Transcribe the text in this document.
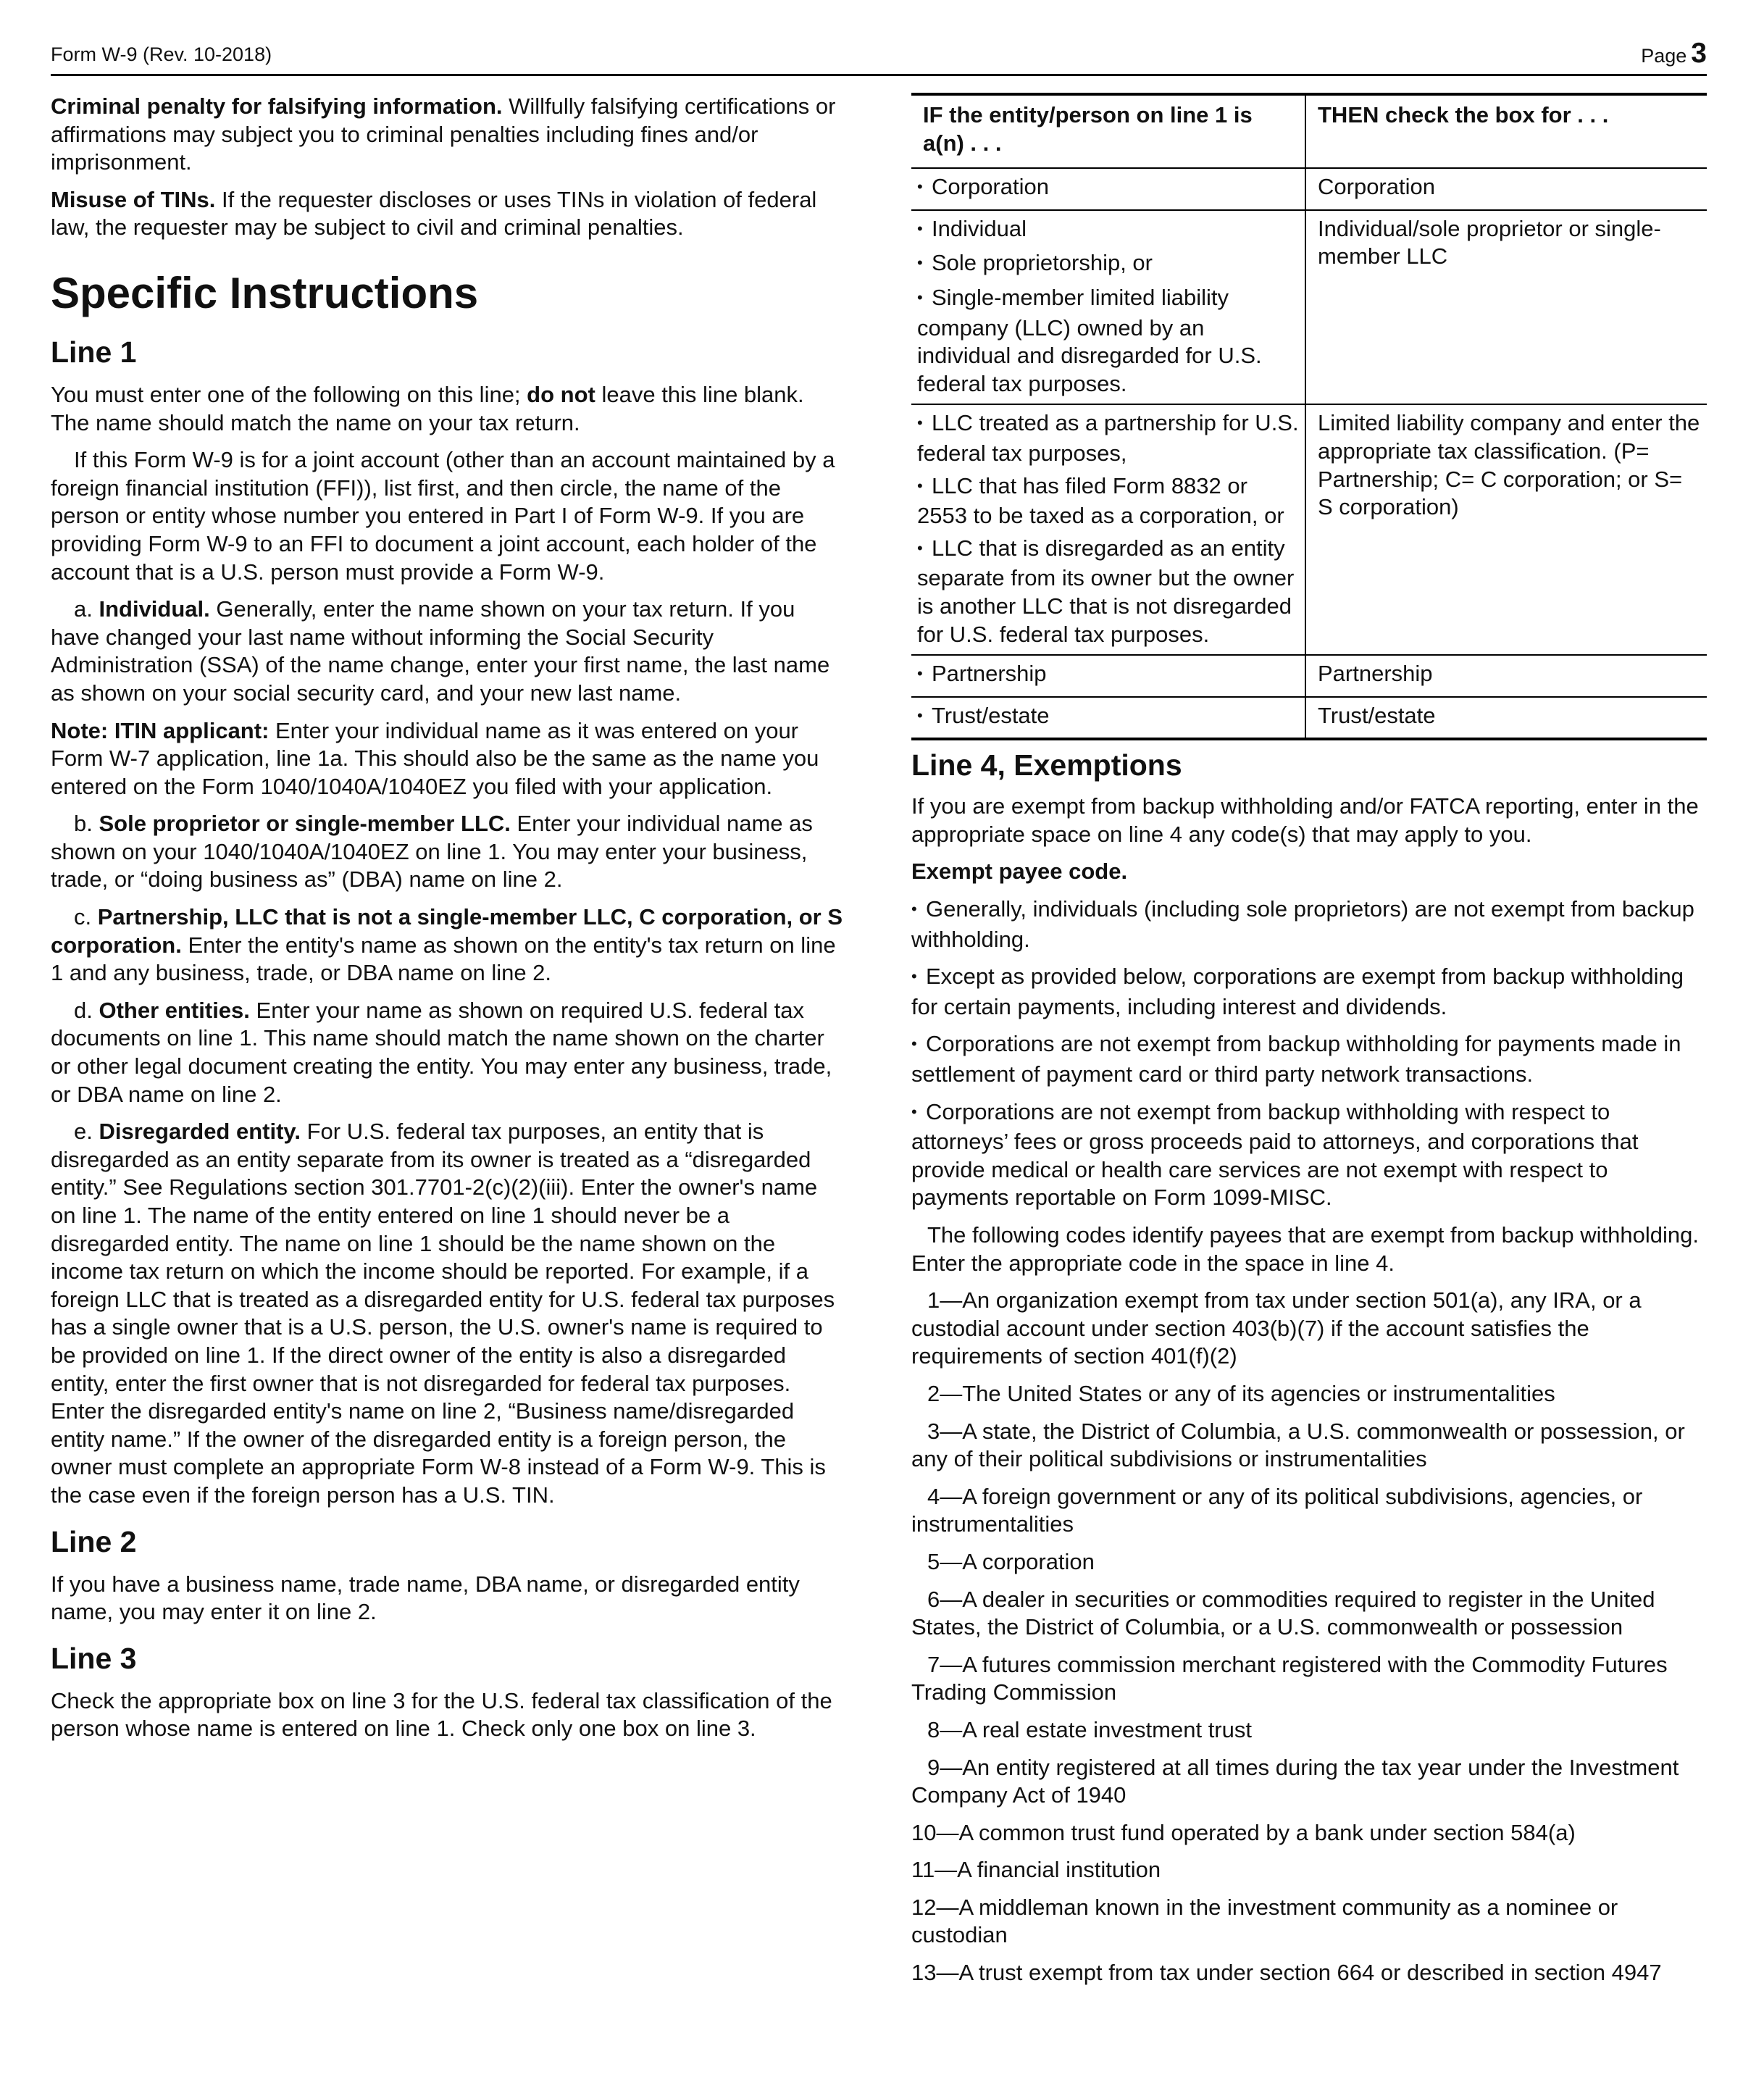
Form W-9 (Rev. 10-2018)	Page 3

Criminal penalty for falsifying information. Willfully falsifying certifications or affirmations may subject you to criminal penalties including fines and/or imprisonment.

Misuse of TINs. If the requester discloses or uses TINs in violation of federal law, the requester may be subject to civil and criminal penalties.

Specific Instructions
Line 1

You must enter one of the following on this line; do not leave this line blank. The name should match the name on your tax return.

If this Form W-9 is for a joint account (other than an account maintained by a foreign financial institution (FFI)), list first, and then circle, the name of the person or entity whose number you entered in Part I of Form W-9. If you are providing Form W-9 to an FFI to document a joint account, each holder of the account that is a U.S. person must provide a Form W-9.

a. Individual. Generally, enter the name shown on your tax return. If you have changed your last name without informing the Social Security Administration (SSA) of the name change, enter your first name, the last name as shown on your social security card, and your new last name.

Note: ITIN applicant: Enter your individual name as it was entered on your Form W-7 application, line 1a. This should also be the same as the name you entered on the Form 1040/1040A/1040EZ you filed with your application.

b. Sole proprietor or single-member LLC. Enter your individual name as shown on your 1040/1040A/1040EZ on line 1. You may enter your business, trade, or “doing business as” (DBA) name on line 2.

c. Partnership, LLC that is not a single-member LLC, C corporation, or S corporation. Enter the entity's name as shown on the entity's tax return on line 1 and any business, trade, or DBA name on line 2.

d. Other entities. Enter your name as shown on required U.S. federal tax documents on line 1. This name should match the name shown on the charter or other legal document creating the entity. You may enter any business, trade, or DBA name on line 2.

e. Disregarded entity. For U.S. federal tax purposes, an entity that is disregarded as an entity separate from its owner is treated as a “disregarded entity.” See Regulations section 301.7701-2(c)(2)(iii). Enter the owner's name on line 1. The name of the entity entered on line 1 should never be a disregarded entity. The name on line 1 should be the name shown on the income tax return on which the income should be reported. For example, if a foreign LLC that is treated as a disregarded entity for U.S. federal tax purposes has a single owner that is a U.S. person, the U.S. owner's name is required to be provided on line 1. If the direct owner of the entity is also a disregarded entity, enter the first owner that is not disregarded for federal tax purposes. Enter the disregarded entity's name on line 2, “Business name/disregarded entity name.” If the owner of the disregarded entity is a foreign person, the owner must complete an appropriate Form W-8 instead of a Form W-9. This is the case even if the foreign person has a U.S. TIN.

Line 2

If you have a business name, trade name, DBA name, or disregarded entity name, you may enter it on line 2.

Line 3

Check the appropriate box on line 3 for the U.S. federal tax classification of the person whose name is entered on line 1. Check only one box on line 3.

IF the entity/person on line 1 is a(n) . . .	THEN check the box for . . .

• Corporation	Corporation

• Individual
• Sole proprietorship, or
• Single-member limited liability company (LLC) owned by an individual and disregarded for U.S. federal tax purposes.	Individual/sole proprietor or single-member LLC

• LLC treated as a partnership for U.S. federal tax purposes,
• LLC that has filed Form 8832 or 2553 to be taxed as a corporation, or
• LLC that is disregarded as an entity separate from its owner but the owner is another LLC that is not disregarded for U.S. federal tax purposes.	Limited liability company and enter the appropriate tax classification. (P= Partnership; C= C corporation; or S= S corporation)

• Partnership	Partnership

• Trust/estate	Trust/estate
Line 4, Exemptions

If you are exempt from backup withholding and/or FATCA reporting, enter in the appropriate space on line 4 any code(s) that may apply to you.

Exempt payee code.

• Generally, individuals (including sole proprietors) are not exempt from backup withholding.

• Except as provided below, corporations are exempt from backup withholding for certain payments, including interest and dividends.

• Corporations are not exempt from backup withholding for payments made in settlement of payment card or third party network transactions.

• Corporations are not exempt from backup withholding with respect to attorneys’ fees or gross proceeds paid to attorneys, and corporations that provide medical or health care services are not exempt with respect to payments reportable on Form 1099-MISC.

The following codes identify payees that are exempt from backup withholding. Enter the appropriate code in the space in line 4.

1—An organization exempt from tax under section 501(a), any IRA, or a custodial account under section 403(b)(7) if the account satisfies the requirements of section 401(f)(2)

2—The United States or any of its agencies or instrumentalities

3—A state, the District of Columbia, a U.S. commonwealth or possession, or any of their political subdivisions or instrumentalities

4—A foreign government or any of its political subdivisions, agencies, or instrumentalities

5—A corporation

6—A dealer in securities or commodities required to register in the United States, the District of Columbia, or a U.S. commonwealth or possession

7—A futures commission merchant registered with the Commodity Futures Trading Commission

8—A real estate investment trust

9—An entity registered at all times during the tax year under the Investment Company Act of 1940

10—A common trust fund operated by a bank under section 584(a)

11—A financial institution

12—A middleman known in the investment community as a nominee or custodian

13—A trust exempt from tax under section 664 or described in section 4947
